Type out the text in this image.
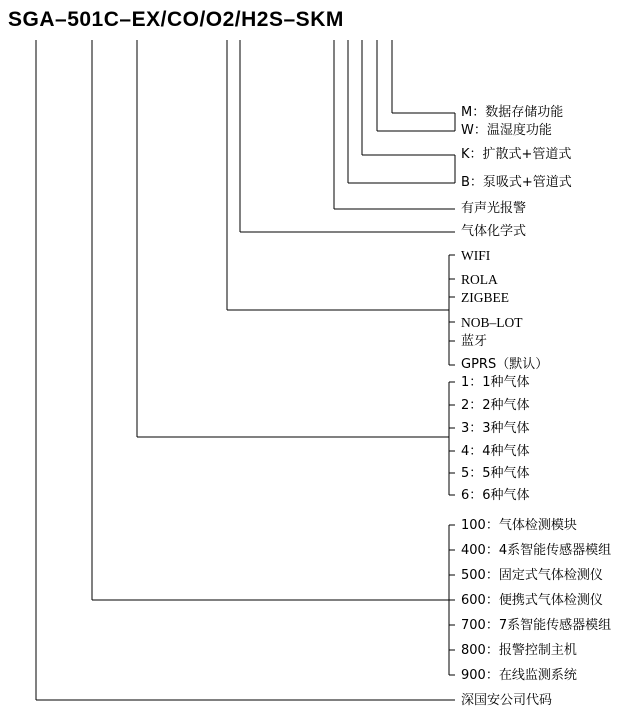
SGA–501C–EX/CO/O2/H2S–SKM
M：数据存储功能
W：温湿度功能
K：扩散式+管道式
B：泵吸式+管道式
有声光报警
气体化学式
WIFI
ROLA
ZIGBEE
NOB–LOT
蓝牙
GPRS（默认）
1：1种气体
2：2种气体
3：3种气体
4：4种气体
5：5种气体
6：6种气体
100：气体检测模块
400：4系智能传感器模组
500：固定式气体检测仪
600：便携式气体检测仪
700：7系智能传感器模组
800：报警控制主机
900：在线监测系统
深国安公司代码
